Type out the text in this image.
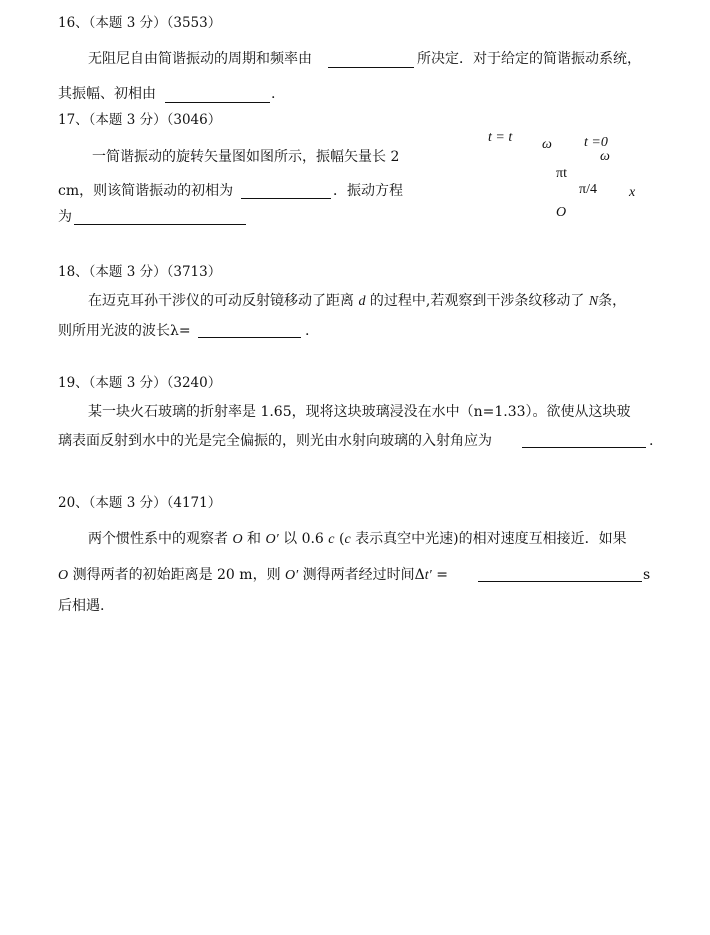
16、（本题 3 分）（3553）
无阻尼自由简谐振动的周期和频率由	所决定．对于给定的简谐振动系统，
其振幅、初相由	.
17、（本题 3 分）（3046）
一简谐振动的旋转矢量图如图所示，振幅矢量长 2
cm，则该简谐振动的初相为	．振动方程
为
t = t ω t =0
ω
πt
π/4 x
O
18、（本题 3 分）（3713）
在迈克耳孙干涉仪的可动反射镜移动了距离 d 的过程中,若观察到干涉条纹移动了 N条，
则所用光波的波长λ=	.
19、（本题 3 分）（3240）
某一块火石玻璃的折射率是 1.65，现将这块玻璃浸没在水中（n=1.33）。欲使从这块玻
璃表面反射到水中的光是完全偏振的，则光由水射向玻璃的入射角应为	.
20、（本题 3 分）（4171）
两个惯性系中的观察者 O 和 O′ 以 0.6 c (c 表示真空中光速)的相对速度互相接近．如果
O 测得两者的初始距离是 20 m，则 O′ 测得两者经过时间Δt′ =	s
后相遇.
